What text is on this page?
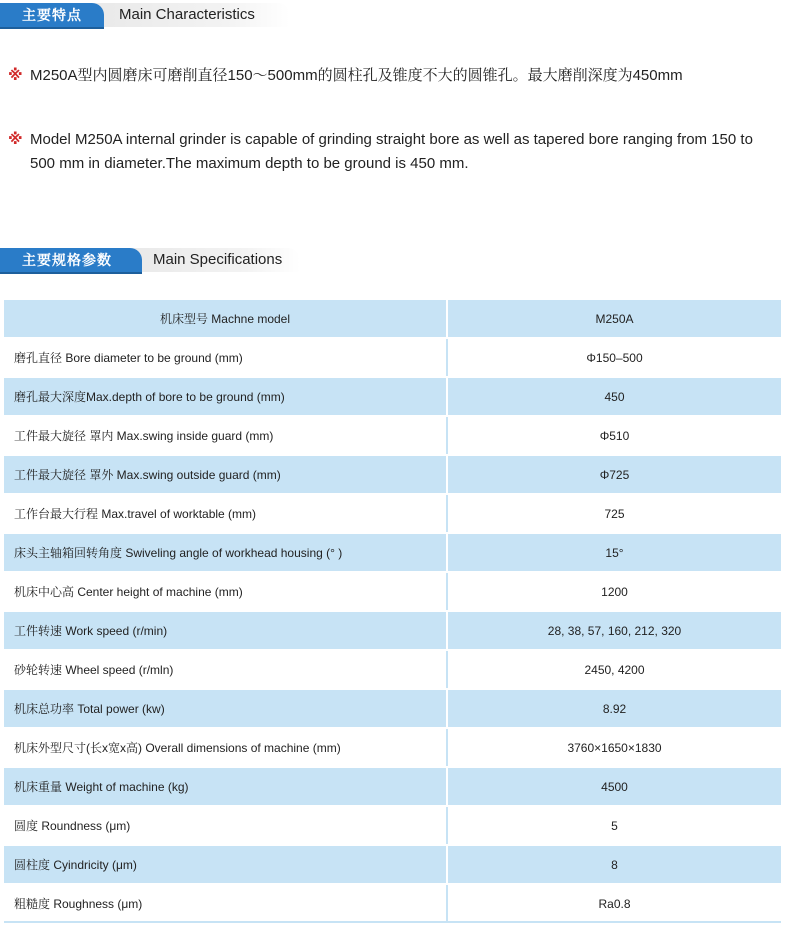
主要特点	Main Characteristics
※ M250A型内圆磨床可磨削直径150～500mm的圆柱孔及锥度不大的圆锥孔。最大磨削深度为450mm
※ Model M250A internal grinder is capable of grinding straight bore as well as tapered bore ranging from 150 to 500 mm in diameter.The maximum depth to be ground is 450 mm.
主要规格参数	Main Specifications
机床型号 Machne model	M250A
磨孔直径 Bore diameter to be ground (mm)	Φ150–500
磨孔最大深度Max.depth of bore to be ground (mm)	450
工件最大旋径 罩内 Max.swing inside guard (mm)	Φ510
工件最大旋径 罩外 Max.swing outside guard (mm)	Φ725
工作台最大行程 Max.travel of worktable (mm)	725
床头主轴箱回转角度 Swiveling angle of workhead housing (° )	15°
机床中心高 Center height of machine (mm)	1200
工件转速 Work speed (r/min)	28, 38, 57, 160, 212, 320
砂轮转速 Wheel speed (r/mln)	2450, 4200
机床总功率 Total power (kw)	8.92
机床外型尺寸(长x宽x高) Overall dimensions of machine (mm)	3760×1650×1830
机床重量 Weight of machine (kg)	4500
圆度 Roundness (μm)	5
圆柱度 Cyindricity (μm)	8
粗糙度 Roughness (μm)	Ra0.8
